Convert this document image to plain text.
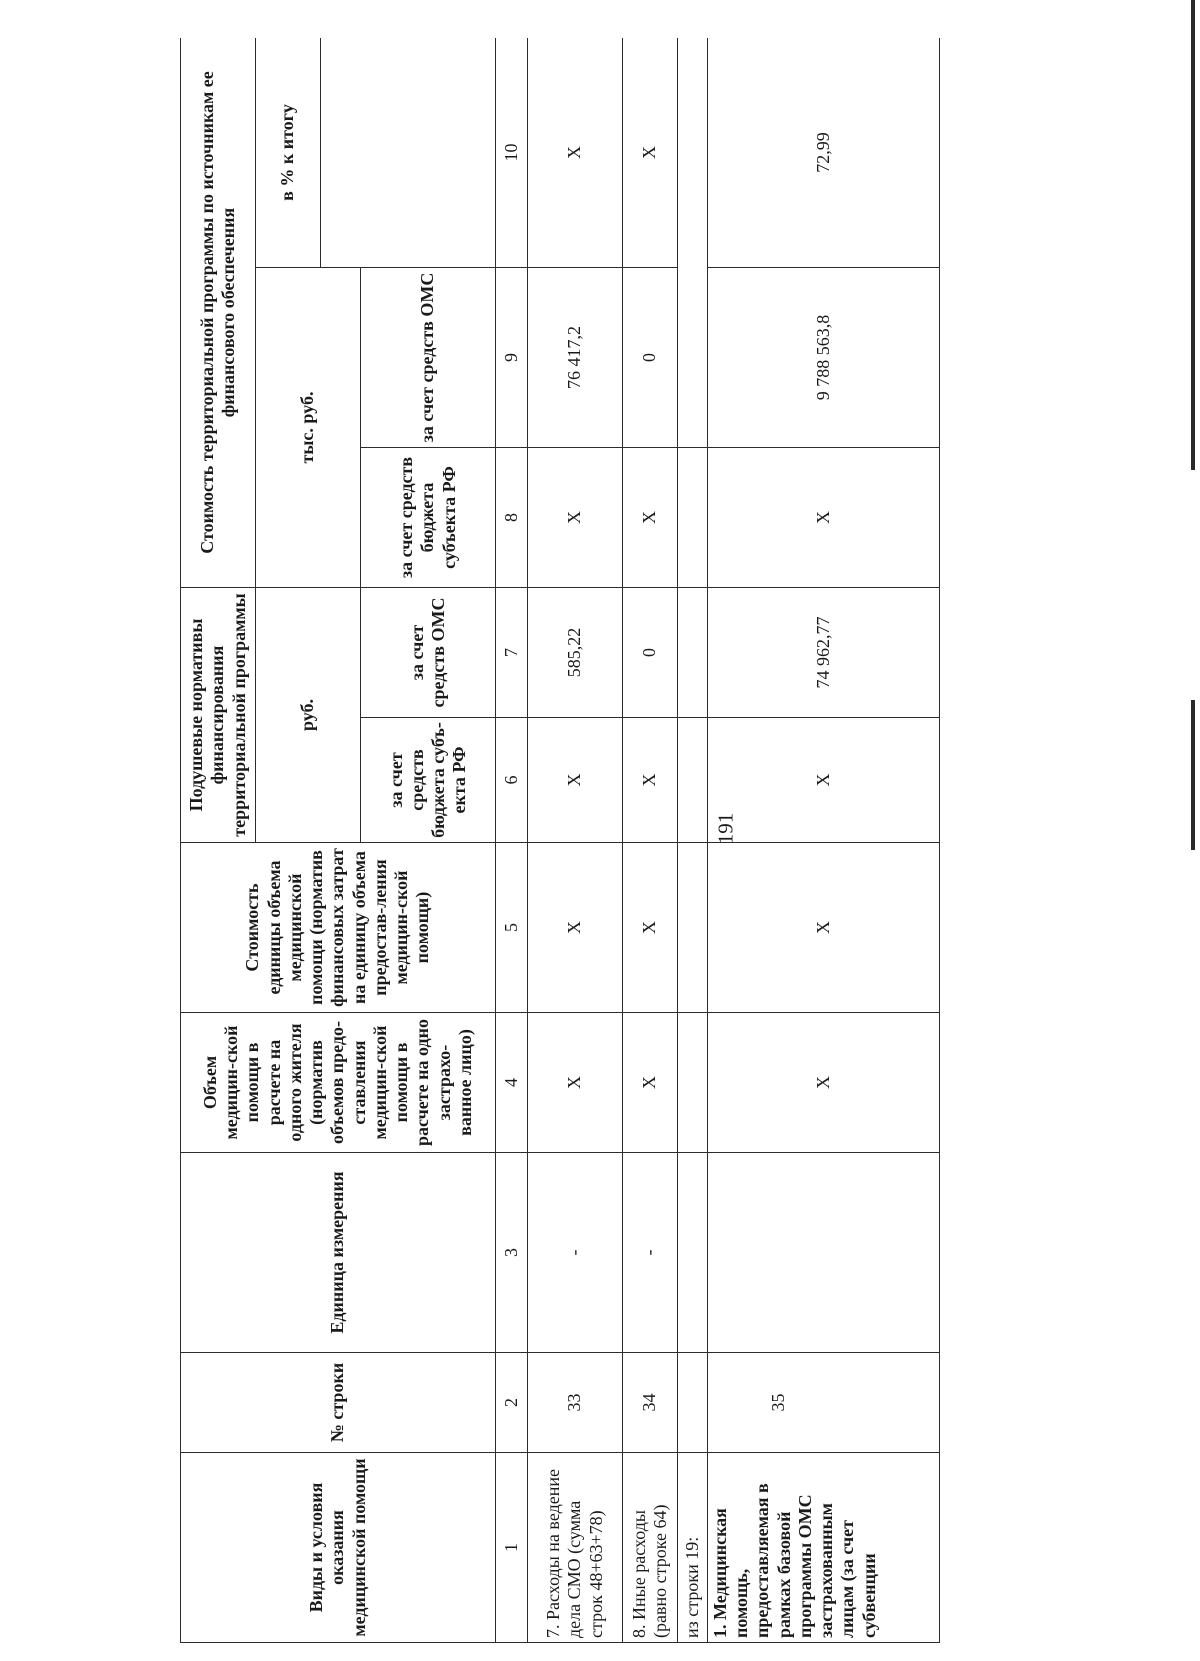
191
Виды и условия оказания медицинской помощи	№ строки	Единица измерения	Объем медицин-ской помощи в расчете на одного жителя (норматив объемов предо-ставления медицин-ской помощи в расчете на одно застрахо-ванное лицо)	Стоимость единицы объема медицинской помощи (норматив финансовых затрат на единицу объема предостав-ления медицин-ской помощи)	Подушевые нормативы финансирования территориальной программы		Стоимость территориальной программы по источникам ее финансового обеспечения		
					руб.		тыс. руб.		в % к итогу

					за счет средств бюджета субъ-екта РФ	за счет средств ОМС	за счет средств бюджета субъекта РФ	за счет средств ОМС	
1	2	3	4	5	6	7	8	9	10
7. Расходы на ведение дела СМО (сумма строк 48+63+78)	33	-	Х	Х	Х	585,22	Х	76 417,2	Х
8. Иные расходы (равно строке 64)	34	-	Х	Х	Х	0	Х	0	Х
из строки 19:									
1. Медицинская помощь, предоставляемая в рамках базовой программы ОМС застрахованным лицам (за счет субвенции	35		Х	Х	Х	74 962,77	Х	9 788 563,8	72,99
